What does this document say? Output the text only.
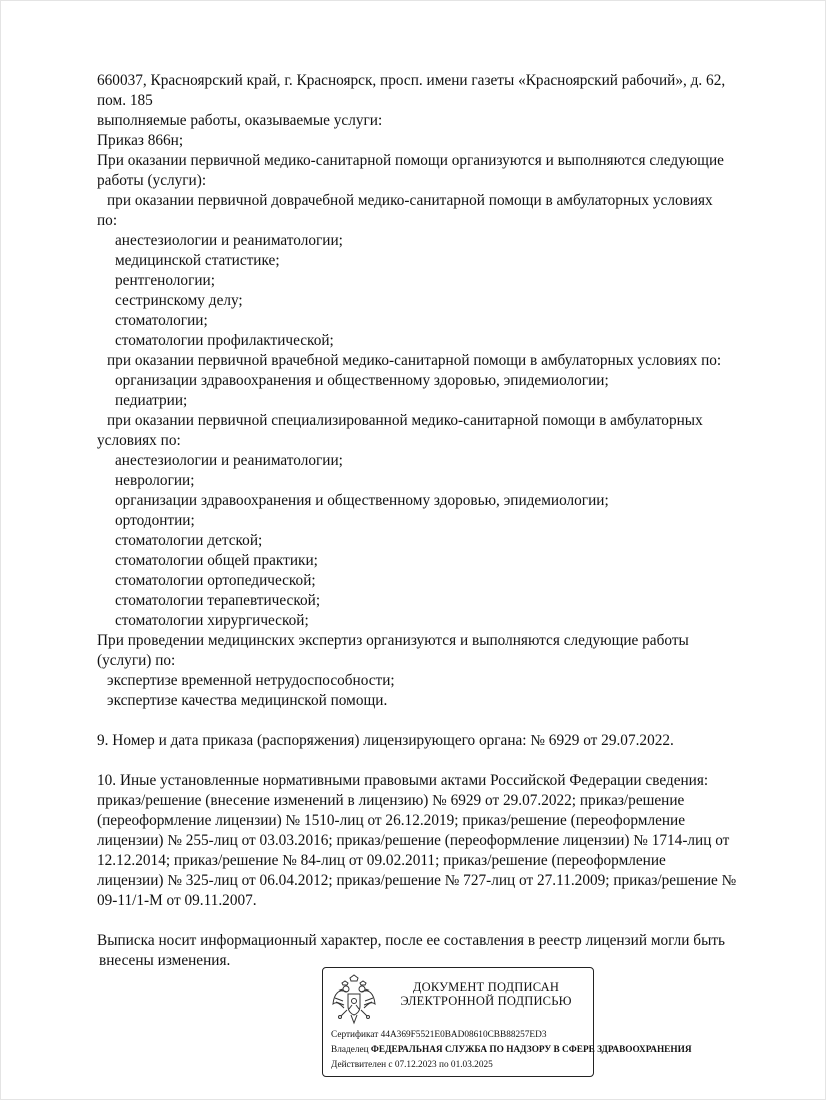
660037, Красноярский край, г. Красноярск, просп. имени газеты «Красноярский рабочий», д. 62,

пом. 185

выполняемые работы, оказываемые услуги:

Приказ 866н;

При оказании первичной медико-санитарной помощи организуются и выполняются следующие

работы (услуги):

при оказании первичной доврачебной медико-санитарной помощи в амбулаторных условиях

по:

анестезиологии и реаниматологии;

медицинской статистике;

рентгенологии;

сестринскому делу;

стоматологии;

стоматологии профилактической;

при оказании первичной врачебной медико-санитарной помощи в амбулаторных условиях по:

организации здравоохранения и общественному здоровью, эпидемиологии;

педиатрии;

при оказании первичной специализированной медико-санитарной помощи в амбулаторных

условиях по:

анестезиологии и реаниматологии;

неврологии;

организации здравоохранения и общественному здоровью, эпидемиологии;

ортодонтии;

стоматологии детской;

стоматологии общей практики;

стоматологии ортопедической;

стоматологии терапевтической;

стоматологии хирургической;

При проведении медицинских экспертиз организуются и выполняются следующие работы

(услуги) по:

экспертизе временной нетрудоспособности;

экспертизе качества медицинской помощи.

9. Номер и дата приказа (распоряжения) лицензирующего органа: № 6929 от 29.07.2022.

10. Иные установленные нормативными правовыми актами Российской Федерации сведения:

приказ/решение (внесение изменений в лицензию) № 6929 от 29.07.2022; приказ/решение

(переоформление лицензии) № 1510-лиц от 26.12.2019; приказ/решение (переоформление

лицензии) № 255-лиц от 03.03.2016; приказ/решение (переоформление лицензии) № 1714-лиц от

12.12.2014; приказ/решение № 84-лиц от 09.02.2011; приказ/решение (переоформление

лицензии) № 325-лиц от 06.04.2012; приказ/решение № 727-лиц от 27.11.2009; приказ/решение №

09-11/1-М от 09.11.2007.

Выписка носит информационный характер, после ее составления в реестр лицензий могли быть

внесены изменения.

ДОКУМЕНТ ПОДПИСАН
ЭЛЕКТРОННОЙ ПОДПИСЬЮ
Сертификат 44A369F5521E0BAD08610CBB88257ED3
Владелец ФЕДЕРАЛЬНАЯ СЛУЖБА ПО НАДЗОРУ В СФЕРЕ ЗДРАВООХРАНЕНИЯ
Действителен с 07.12.2023 по 01.03.2025
